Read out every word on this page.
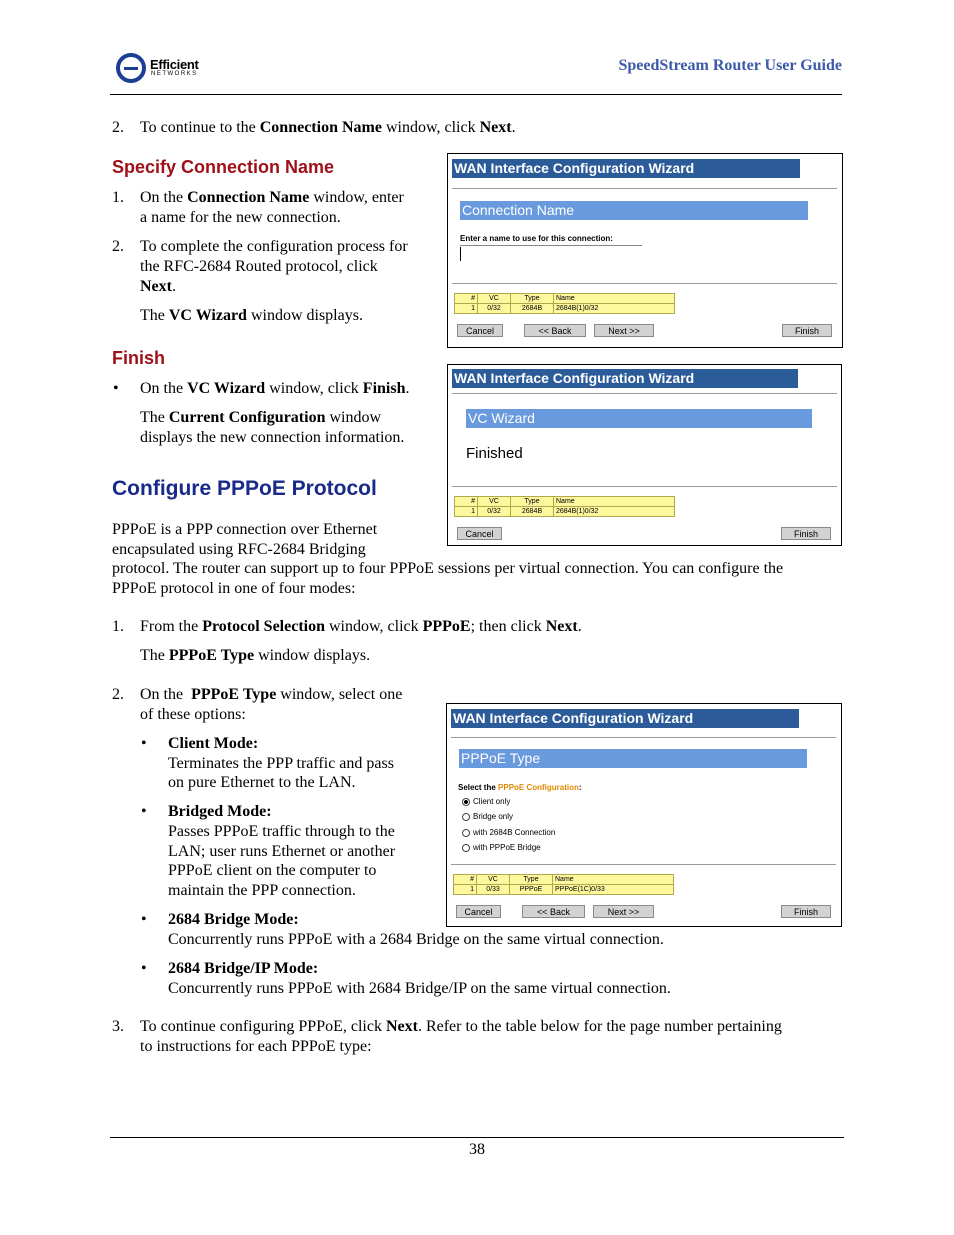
Efficient
NETWORKS	SpeedStream Router User Guide
2. To continue to the Connection Name window, click Next.
Specify Connection Name
1. On the Connection Name window, enter
a name for the new connection.
2. To complete the configuration process for
the RFC-2684 Routed protocol, click
Next.
The VC Wizard window displays.
Finish
• On the VC Wizard window, click Finish.
The Current Configuration window
displays the new connection information.
Configure PPPoE Protocol
PPPoE is a PPP connection over Ethernet
encapsulated using RFC-2684 Bridging
protocol. The router can support up to four PPPoE sessions per virtual connection. You can configure the
PPPoE protocol in one of four modes:
1. From the Protocol Selection window, click PPPoE; then click Next.
The PPPoE Type window displays.
2. On the  PPPoE Type window, select one
of these options:
• Client Mode:
Terminates the PPP traffic and pass
on pure Ethernet to the LAN.
• Bridged Mode:
Passes PPPoE traffic through to the
LAN; user runs Ethernet or another
PPPoE client on the computer to
maintain the PPP connection.
• 2684 Bridge Mode:
Concurrently runs PPPoE with a 2684 Bridge on the same virtual connection.
• 2684 Bridge/IP Mode:
Concurrently runs PPPoE with 2684 Bridge/IP on the same virtual connection.
3. To continue configuring PPPoE, click Next. Refer to the table below for the page number pertaining
to instructions for each PPPoE type:
38
WAN Interface Configuration Wizard
Connection Name
Enter a name to use for this connection:
#	VC	Type	Name
1	0/32	2684B	2684B(1)0/32
Cancel	<< Back	Next >>	Finish
WAN Interface Configuration Wizard
VC Wizard
Finished
#	VC	Type	Name
1	0/32	2684B	2684B(1)0/32
Cancel	Finish
WAN Interface Configuration Wizard
PPPoE Type
Select the PPPoE Configuration:
Client only
Bridge only
with 2684B Connection
with PPPoE Bridge
#	VC	Type	Name
1	0/33	PPPoE	PPPoE(1C)0/33
Cancel	<< Back	Next >>	Finish
